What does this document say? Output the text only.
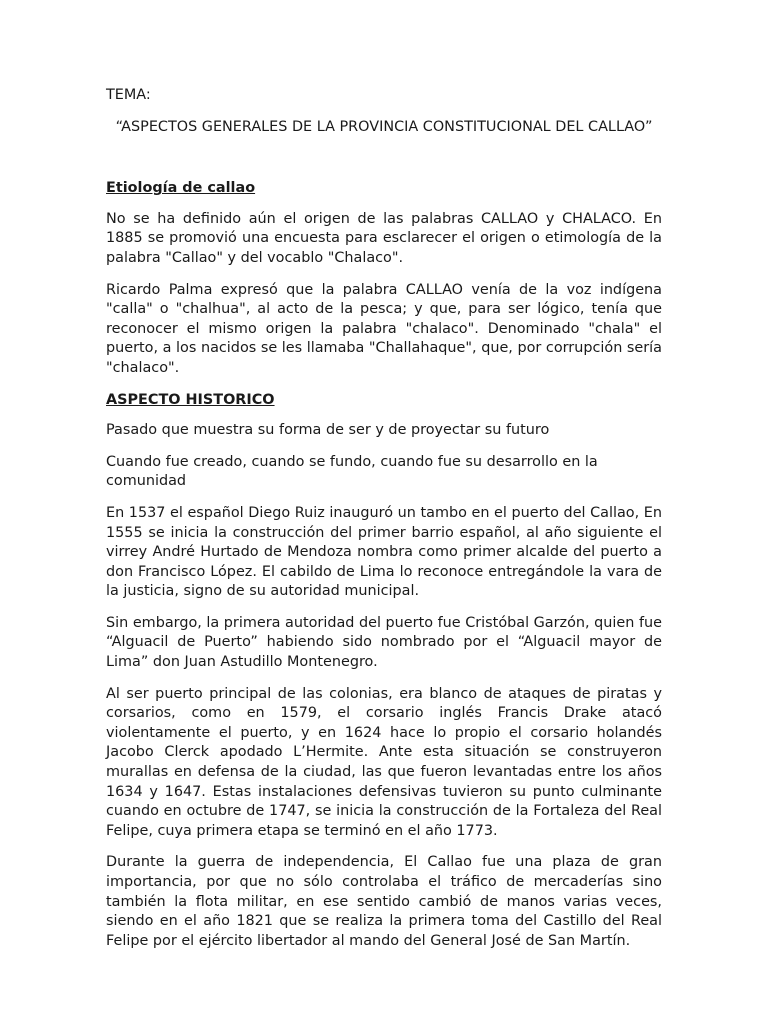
TEMA:

“ASPECTOS GENERALES DE LA PROVINCIA CONSTITUCIONAL DEL CALLAO”

Etiología de callao

No se ha definido aún el origen de las palabras CALLAO y CHALACO. En 1885 se promovió una encuesta para esclarecer el origen o etimología de la palabra "Callao" y del vocablo "Chalaco".

Ricardo Palma expresó que la palabra CALLAO venía de la voz indígena "calla" o "chalhua", al acto de la pesca; y que, para ser lógico, tenía que reconocer el mismo origen la palabra "chalaco". Denominado "chala" el puerto, a los nacidos se les llamaba "Challahaque", que, por corrupción sería "chalaco".

ASPECTO HISTORICO

Pasado que muestra su forma de ser y de proyectar su futuro

Cuando fue creado, cuando se fundo, cuando fue su desarrollo en la comunidad

En 1537 el español Diego Ruiz inauguró un tambo en el puerto del Callao, En 1555 se inicia la construcción del primer barrio español, al año siguiente el virrey André Hurtado de Mendoza nombra como primer alcalde del puerto a don Francisco López. El cabildo de Lima lo reconoce entregándole la vara de la justicia, signo de su autoridad municipal.

Sin embargo, la primera autoridad del puerto fue Cristóbal Garzón, quien fue “Alguacil de Puerto” habiendo sido nombrado por el “Alguacil mayor de Lima” don Juan Astudillo Montenegro.

Al ser puerto principal de las colonias, era blanco de ataques de piratas y corsarios, como en 1579, el corsario inglés Francis Drake atacó violentamente el puerto, y en 1624 hace lo propio el corsario holandés Jacobo Clerck apodado L’Hermite. Ante esta situación se construyeron murallas en defensa de la ciudad, las que fueron levantadas entre los años 1634 y 1647. Estas instalaciones defensivas tuvieron su punto culminante cuando en octubre de 1747, se inicia la construcción de la Fortaleza del Real Felipe, cuya primera etapa se terminó en el año 1773.

Durante la guerra de independencia, El Callao fue una plaza de gran importancia, por que no sólo controlaba el tráfico de mercaderías sino también la flota militar, en ese sentido cambió de manos varias veces, siendo en el año 1821 que se realiza la primera toma del Castillo del Real Felipe por el ejército libertador al mando del General José de San Martín.
